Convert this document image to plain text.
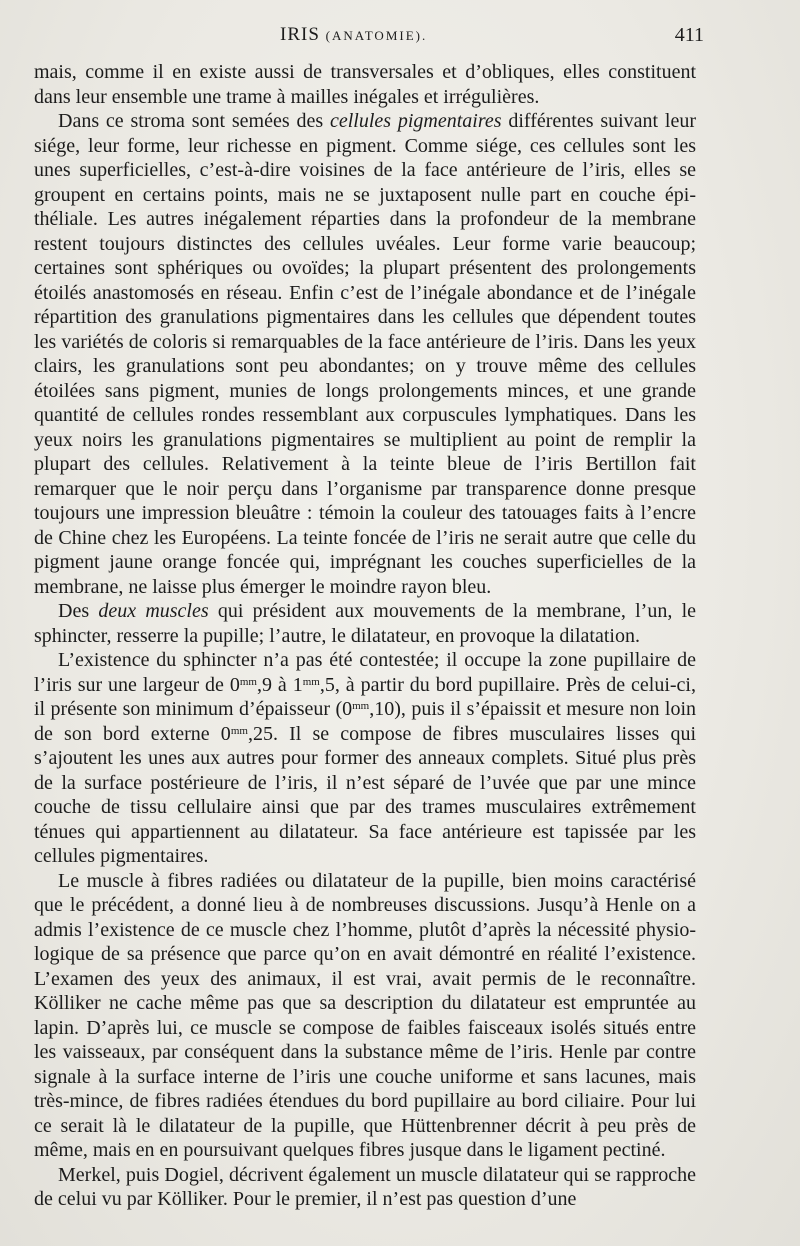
IRIS (ANATOMIE).	411

mais, comme il en existe aussi de transversales et d’obliques, elles constituent dans leur ensemble une trame à mailles inégales et irrégulières.

Dans ce stroma sont semées des cellules pigmentaires différentes suivant leur siége, leur forme, leur richesse en pigment. Comme siége, ces cellules sont les unes superficielles, c’est-à-dire voisines de la face antérieure de l’iris, elles se groupent en certains points, mais ne se juxtaposent nulle part en couche épithéliale. Les autres inégalement réparties dans la profondeur de la membrane restent toujours distinctes des cellules uvéales. Leur forme varie beaucoup; certaines sont sphériques ou ovoïdes; la plupart présentent des prolongements étoilés anastomosés en réseau. Enfin c’est de l’inégale abondance et de l’inégale répartition des granulations pigmentaires dans les cellules que dépendent toutes les variétés de coloris si remarquables de la face antérieure de l’iris. Dans les yeux clairs, les granulations sont peu abondantes; on y trouve même des cellules étoilées sans pigment, munies de longs prolongements minces, et une grande quantité de cellules rondes ressemblant aux corpuscules lymphatiques. Dans les yeux noirs les granulations pigmentaires se multiplient au point de remplir la plupart des cellules. Relativement à la teinte bleue de l’iris Bertillon fait remarquer que le noir perçu dans l’organisme par transparence donne presque toujours une impression bleuâtre : témoin la couleur des tatouages faits à l’encre de Chine chez les Européens. La teinte foncée de l’iris ne serait autre que celle du pigment jaune orange foncée qui, imprégnant les couches superficielles de la membrane, ne laisse plus émerger le moindre rayon bleu.

Des deux muscles qui président aux mouvements de la membrane, l’un, le sphincter, resserre la pupille; l’autre, le dilatateur, en provoque la dilatation.

L’existence du sphincter n’a pas été contestée; il occupe la zone pupillaire de l’iris sur une largeur de $0^{mm},9$ à $1^{mm},5$, à partir du bord pupillaire. Près de celui-ci, il présente son minimum d’épaisseur $(0^{mm},10)$, puis il s’épaissit et mesure non loin de son bord externe $0^{mm},25$. Il se compose de fibres musculaires lisses qui s’ajoutent les unes aux autres pour former des anneaux complets. Situé plus près de la surface postérieure de l’iris, il n’est séparé de l’uvée que par une mince couche de tissu cellulaire ainsi que par des trames musculaires extrêmement ténues qui appartiennent au dilatateur. Sa face antérieure est tapissée par les cellules pigmentaires.

Le muscle à fibres radiées ou dilatateur de la pupille, bien moins caractérisé que le précédent, a donné lieu à de nombreuses discussions. Jusqu’à Henle on a admis l’existence de ce muscle chez l’homme, plutôt d’après la nécessité physiologique de sa présence que parce qu’on en avait démontré en réalité l’existence. L’examen des yeux des animaux, il est vrai, avait permis de le reconnaître. Kölliker ne cache même pas que sa description du dilatateur est empruntée au lapin. D’après lui, ce muscle se compose de faibles faisceaux isolés situés entre les vaisseaux, par conséquent dans la substance même de l’iris. Henle par contre signale à la surface interne de l’iris une couche uniforme et sans lacunes, mais très-mince, de fibres radiées étendues du bord pupillaire au bord ciliaire. Pour lui ce serait là le dilatateur de la pupille, que Hüttenbrenner décrit à peu près de même, mais en en poursuivant quelques fibres jusque dans le ligament pectiné.

Merkel, puis Dogiel, décrivent également un muscle dilatateur qui se rapproche de celui vu par Kölliker. Pour le premier, il n’est pas question d’une
